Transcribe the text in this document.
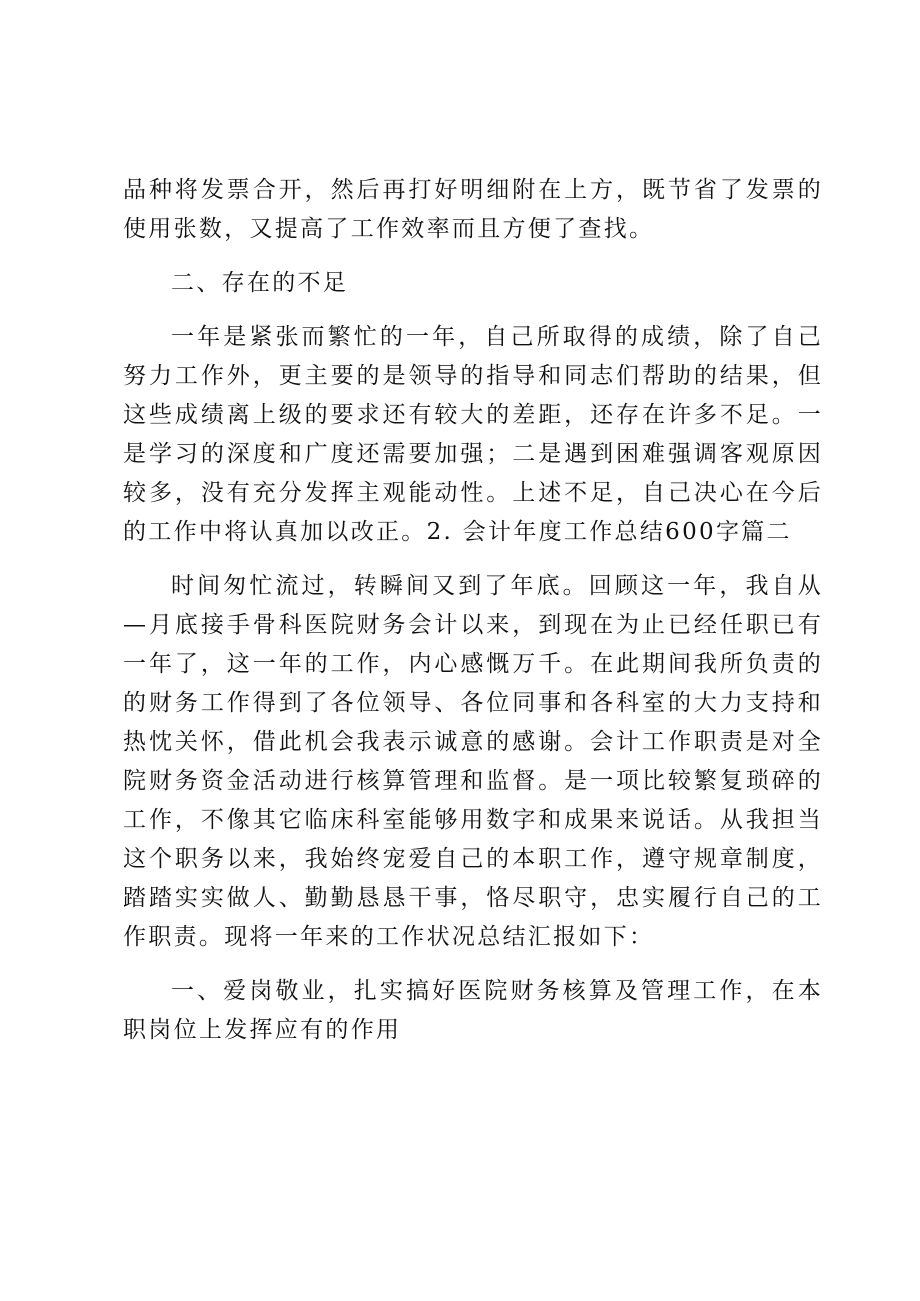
品种将发票合开，然后再打好明细附在上方，既节省了发票的使用张数，又提高了工作效率而且方便了查找。

二、存在的不足

一年是紧张而繁忙的一年，自己所取得的成绩，除了自己努力工作外，更主要的是领导的指导和同志们帮助的结果，但这些成绩离上级的要求还有较大的差距，还存在许多不足。一是学习的深度和广度还需要加强；二是遇到困难强调客观原因较多，没有充分发挥主观能动性。上述不足，自己决心在今后的工作中将认真加以改正。2. 会计年度工作总结600字篇二

时间匆忙流过，转瞬间又到了年底。回顾这一年，我自从—月底接手骨科医院财务会计以来，到现在为止已经任职已有一年了，这一年的工作，内心感慨万千。在此期间我所负责的的财务工作得到了各位领导、各位同事和各科室的大力支持和热忱关怀，借此机会我表示诚意的感谢。会计工作职责是对全院财务资金活动进行核算管理和监督。是一项比较繁复琐碎的工作，不像其它临床科室能够用数字和成果来说话。从我担当这个职务以来，我始终宠爱自己的本职工作，遵守规章制度，踏踏实实做人、勤勤恳恳干事，恪尽职守，忠实履行自己的工作职责。现将一年来的工作状况总结汇报如下：

一、爱岗敬业，扎实搞好医院财务核算及管理工作，在本职岗位上发挥应有的作用
